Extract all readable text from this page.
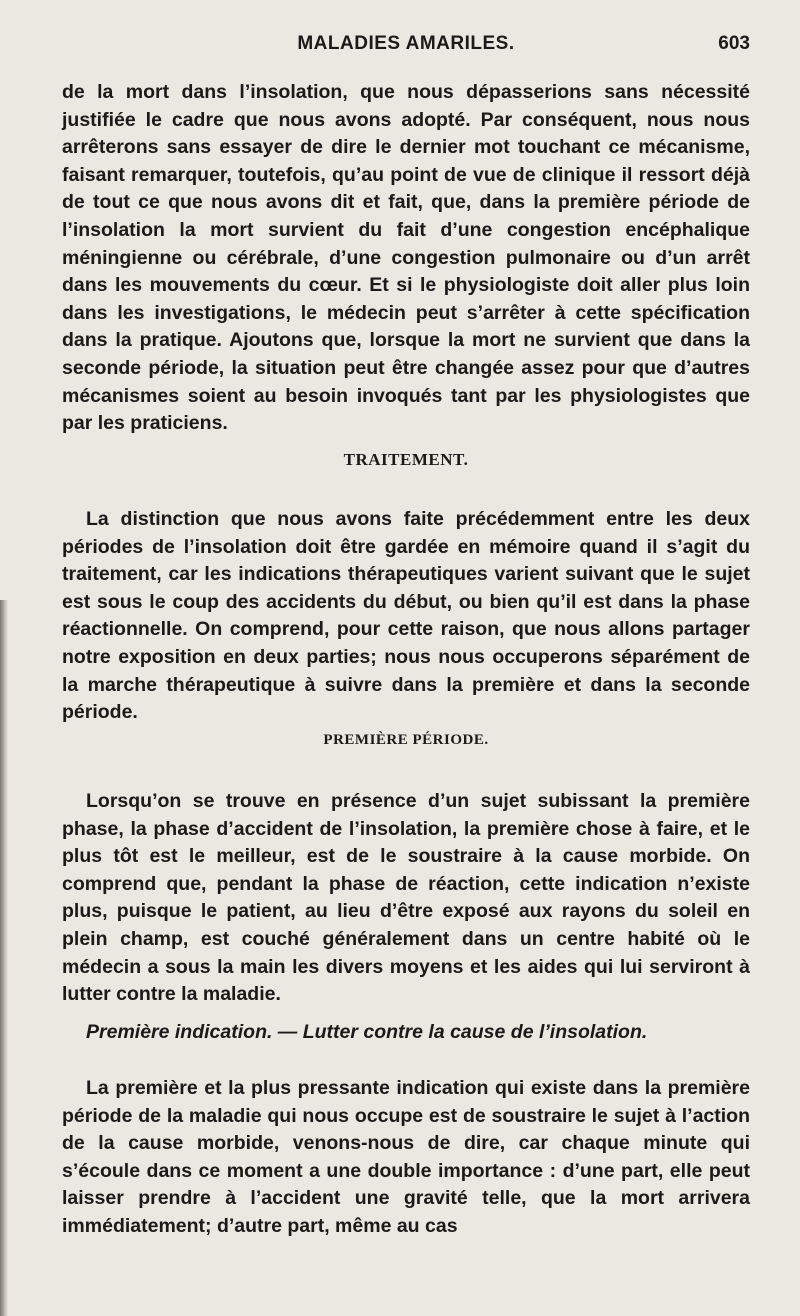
MALADIES AMARILES.	603

de la mort dans l’insolation, que nous dépasserions sans nécessité justifiée le cadre que nous avons adopté. Par conséquent, nous nous arrêterons sans essayer de dire le dernier mot touchant ce mécanisme, faisant remarquer, toutefois, qu’au point de vue de clinique il ressort déjà de tout ce que nous avons dit et fait, que, dans la première période de l’insolation la mort survient du fait d’une congestion encéphalique méningienne ou cérébrale, d’une congestion pulmonaire ou d’un arrêt dans les mouvements du cœur. Et si le physiologiste doit aller plus loin dans les investigations, le médecin peut s’arrêter à cette spécification dans la pratique. Ajoutons que, lorsque la mort ne survient que dans la seconde période, la situation peut être changée assez pour que d’autres mécanismes soient au besoin invoqués tant par les physiologistes que par les praticiens.

TRAITEMENT.

La distinction que nous avons faite précédemment entre les deux périodes de l’insolation doit être gardée en mémoire quand il s’agit du traitement, car les indications thérapeutiques varient suivant que le sujet est sous le coup des accidents du début, ou bien qu’il est dans la phase réactionnelle. On comprend, pour cette raison, que nous allons partager notre exposition en deux parties; nous nous occuperons séparément de la marche thérapeutique à suivre dans la première et dans la seconde période.

PREMIÈRE PÉRIODE.

Lorsqu’on se trouve en présence d’un sujet subissant la première phase, la phase d’accident de l’insolation, la première chose à faire, et le plus tôt est le meilleur, est de le soustraire à la cause morbide. On comprend que, pendant la phase de réaction, cette indication n’existe plus, puisque le patient, au lieu d’être exposé aux rayons du soleil en plein champ, est couché généralement dans un centre habité où le médecin a sous la main les divers moyens et les aides qui lui serviront à lutter contre la maladie.

Première indication. — Lutter contre la cause de l’insolation.

La première et la plus pressante indication qui existe dans la première période de la maladie qui nous occupe est de soustraire le sujet à l’action de la cause morbide, venons-nous de dire, car chaque minute qui s’écoule dans ce moment a une double importance : d’une part, elle peut laisser prendre à l’accident une gravité telle, que la mort arrivera immédiatement; d’autre part, même au cas
